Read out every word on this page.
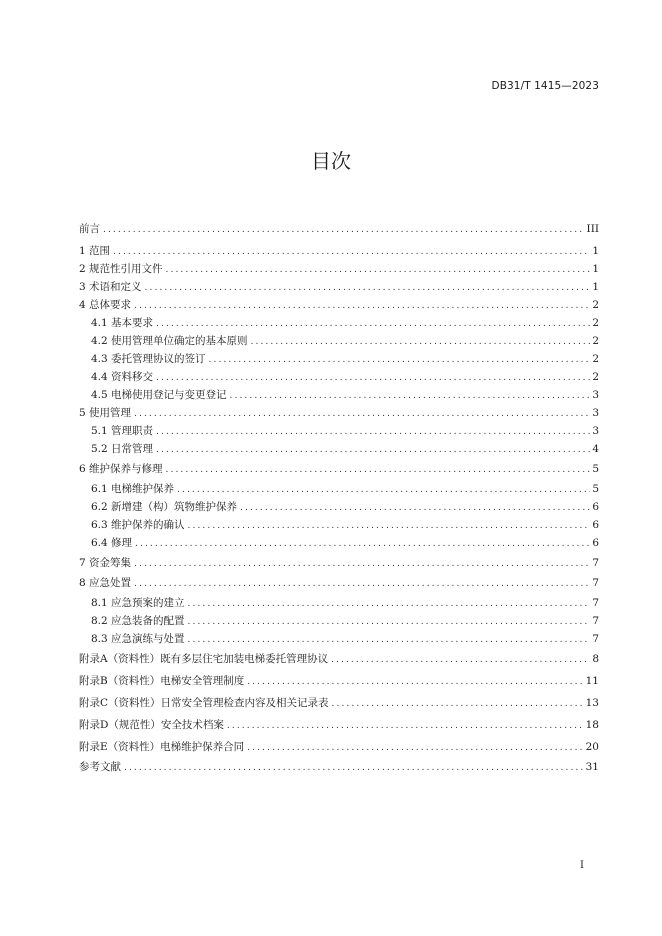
DB31/T 1415—2023
目次
前言 .....	III
1 范围 .....	1
2 规范性引用文件 .....	1
3 术语和定义 .....	1
4 总体要求 .....	2
4.1 基本要求 .....	2
4.2 使用管理单位确定的基本原则 .....	2
4.3 委托管理协议的签订 .....	2
4.4 资料移交 .....	2
4.5 电梯使用登记与变更登记 .....	3
5 使用管理 .....	3
5.1 管理职责 .....	3
5.2 日常管理 .....	4
6 维护保养与修理 .....	5
6.1 电梯维护保养 .....	5
6.2 新增建（构）筑物维护保养 .....	6
6.3 维护保养的确认 .....	6
6.4 修理 .....	6
7 资金筹集 .....	7
8 应急处置 .....	7
8.1 应急预案的建立 .....	7
8.2 应急装备的配置 .....	7
8.3 应急演练与处置 .....	7
附录A（资料性）既有多层住宅加装电梯委托管理协议 .....	8
附录B（资料性）电梯安全管理制度 .....	11
附录C（资料性）日常安全管理检查内容及相关记录表 .....	13
附录D（规范性）安全技术档案 .....	18
附录E（资料性）电梯维护保养合同 .....	20
参考文献 .....	31
I
